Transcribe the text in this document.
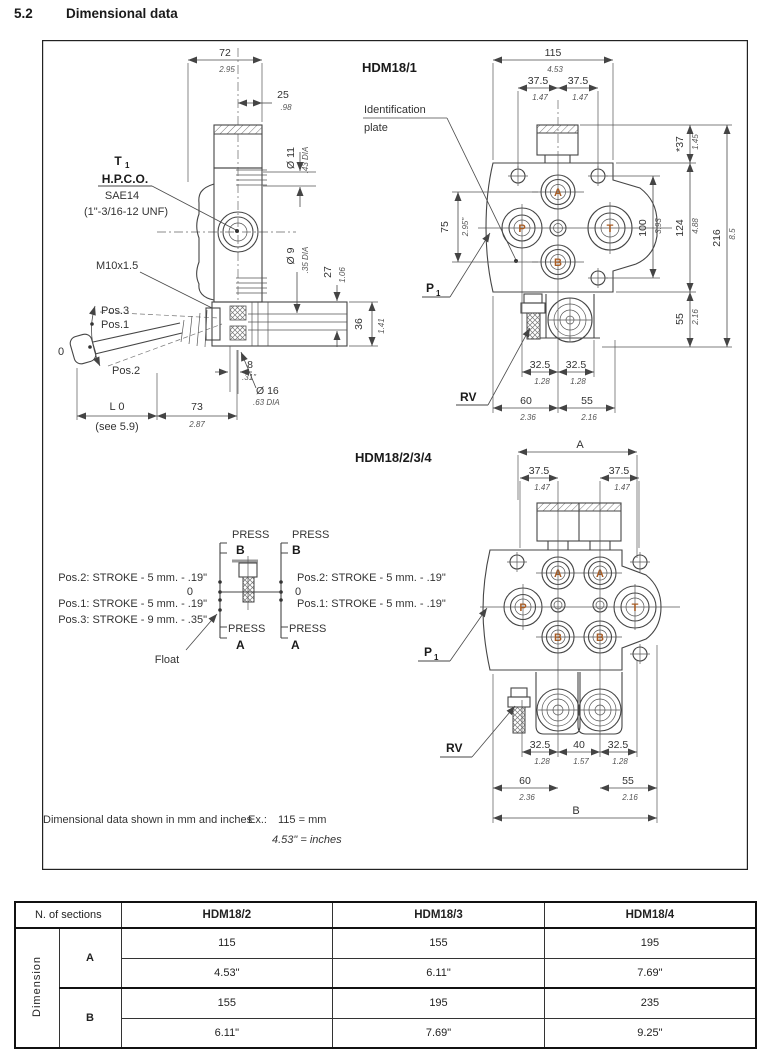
5.2 Dimensional data
72
2.95
25
.98
Ø 11 .43 DIA
Ø 9 .35 DIA 27 1.06
36 1.41
8
.31"
Ø 16
.63 DIA
L 0
(see 5.9)
73
2.87
T 1
H.P.C.O.
SAE14
(1"-3/16-12 UNF)
M10x1.5
Pos.3
Pos.1
Pos.2
0
HDM18/1
Identification
plate
A
P	T
B
P 1
RV
115
4.53
37.5
1.47
37.5
1.47
75 2.95"
*37 1.45
100 3.93 124 4.88
55 2.16
216 8.5
32.5
1.28
32.5
1.28
60
2.36
55
2.16
HDM18/2/3/4
A	A
P	T
B	B
P 1
RV
A
37.5
1.47
37.5
1.47
32.5
1.28
40
1.57
32.5
1.28
60
2.36
55
2.16
B
Pos.2: STROKE - 5 mm. - .19"
0
Pos.1: STROKE - 5 mm. - .19"
Pos.3: STROKE - 9 mm. - .35"
PRESS
B
PRESS
A
PRESS
B
PRESS
A
Pos.2: STROKE - 5 mm. - .19"
0
Pos.1: STROKE - 5 mm. - .19"
Float
Dimensional data shown in mm and inches
Ex.: 115 = mm
4.53" = inches
N. of sections		HDM18/2	HDM18/3	HDM18/4
Dimension	A	115	155	195
		4.53"	6.11"	7.69"
	B	155	195	235
		6.11"	7.69"	9.25"
